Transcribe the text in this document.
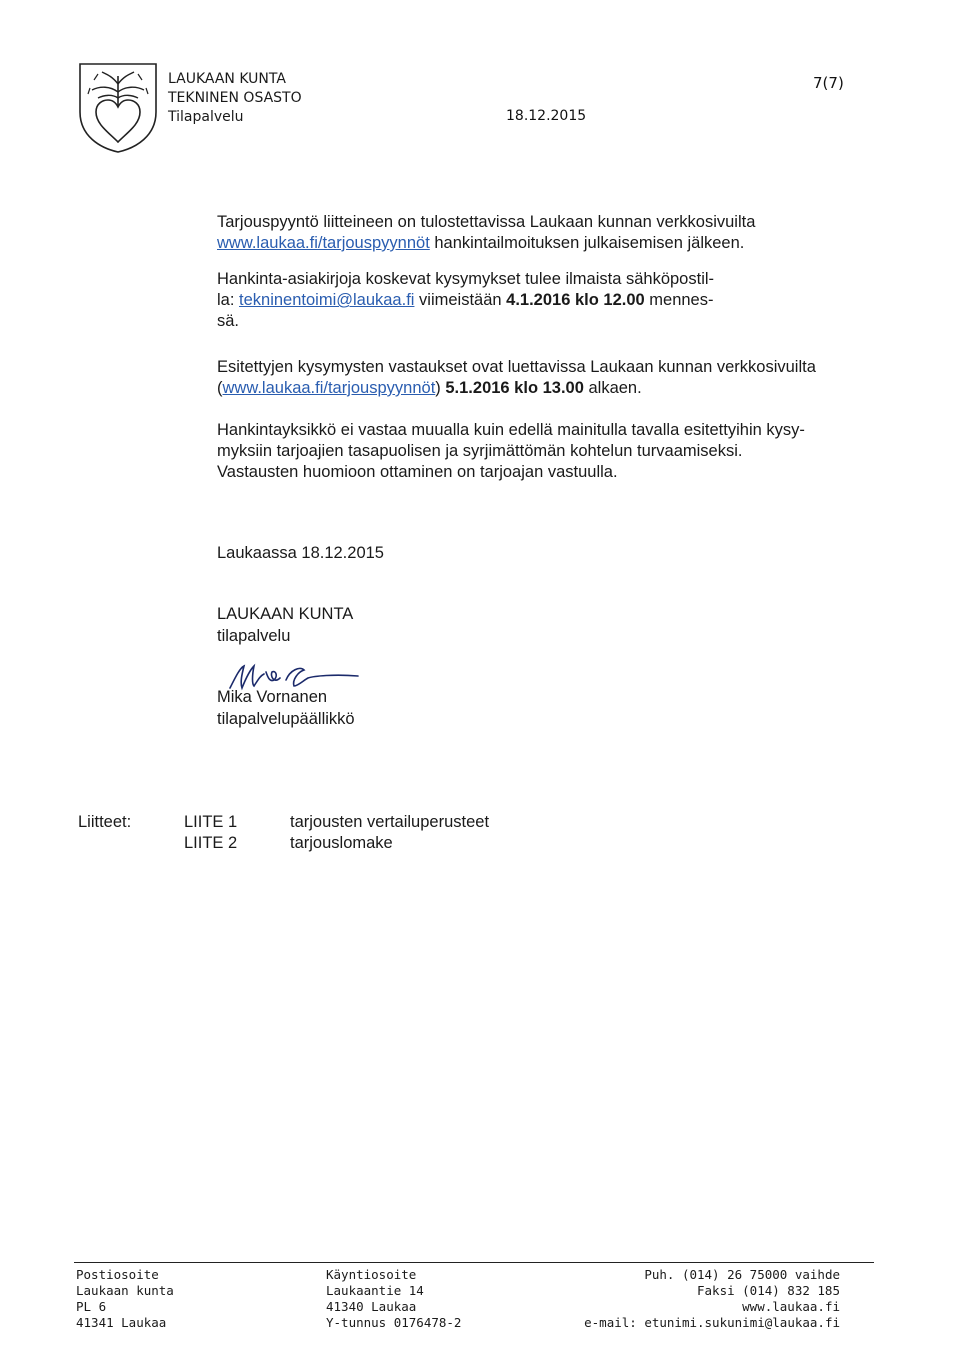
LAUKAAN KUNTA
TEKNINEN OSASTO
Tilapalvelu	18.12.2015
7(7)
Tarjouspyyntö liitteineen on tulostettavissa Laukaan kunnan verkkosivuilta
www.laukaa.fi/tarjouspyynnöt hankintailmoituksen julkaisemisen jälkeen.
Hankinta-asiakirjoja koskevat kysymykset tulee ilmaista sähköpostil-
la: tekninentoimi@laukaa.fi viimeistään 4.1.2016 klo 12.00 mennes-
sä.
Esitettyjen kysymysten vastaukset ovat luettavissa Laukaan kunnan verkkosivuilta
(www.laukaa.fi/tarjouspyynnöt) 5.1.2016 klo 13.00 alkaen.
Hankintayksikkö ei vastaa muualla kuin edellä mainitulla tavalla esitettyihin kysy-
myksiin tarjoajien tasapuolisen ja syrjimättömän kohtelun turvaamiseksi.
Vastausten huomioon ottaminen on tarjoajan vastuulla.
Laukaassa 18.12.2015
LAUKAAN KUNTA
tilapalvelu
Mika Vornanen
tilapalvelupäällikkö
Liitteet:	LIITE 1	tarjousten vertailuperusteet
LIITE 2	tarjouslomake
Postiosoite
Laukaan kunta
PL 6
41341 Laukaa
Käyntiosoite
Laukaantie 14
41340 Laukaa
Y-tunnus 0176478-2
Puh. (014) 26 75000 vaihde
Faksi (014) 832 185
www.laukaa.fi
e-mail: etunimi.sukunimi@laukaa.fi
